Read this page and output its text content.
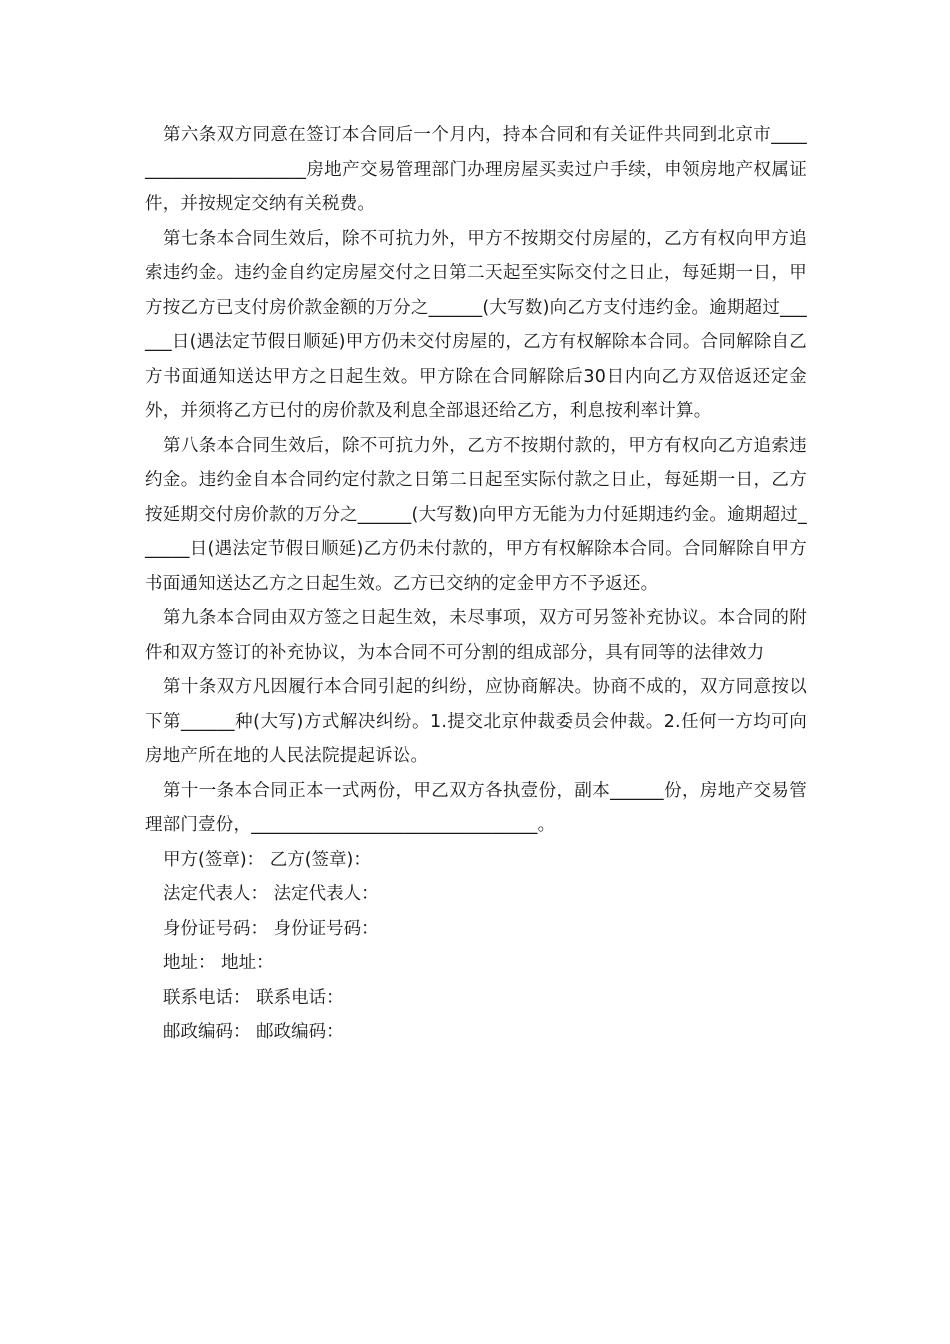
第六条双方同意在签订本合同后一个月内，持本合同和有关证件共同到北京市______________________房地产交易管理部门办理房屋买卖过户手续，申领房地产权属证件，并按规定交纳有关税费。

第七条本合同生效后，除不可抗力外，甲方不按期交付房屋的，乙方有权向甲方追索违约金。违约金自约定房屋交付之日第二天起至实际交付之日止，每延期一日，甲方按乙方已支付房价款金额的万分之______(大写数)向乙方支付违约金。逾期超过______日(遇法定节假日顺延)甲方仍未交付房屋的，乙方有权解除本合同。合同解除自乙方书面通知送达甲方之日起生效。甲方除在合同解除后30日内向乙方双倍返还定金外，并须将乙方已付的房价款及利息全部退还给乙方，利息按利率计算。

第八条本合同生效后，除不可抗力外，乙方不按期付款的，甲方有权向乙方追索违约金。违约金自本合同约定付款之日第二日起至实际付款之日止，每延期一日，乙方按延期交付房价款的万分之______(大写数)向甲方无能为力付延期违约金。逾期超过______日(遇法定节假日顺延)乙方仍未付款的，甲方有权解除本合同。合同解除自甲方书面通知送达乙方之日起生效。乙方已交纳的定金甲方不予返还。

第九条本合同由双方签之日起生效，未尽事项，双方可另签补充协议。本合同的附件和双方签订的补充协议，为本合同不可分割的组成部分，具有同等的法律效力

第十条双方凡因履行本合同引起的纠纷，应协商解决。协商不成的，双方同意按以下第______种(大写)方式解决纠纷。1.提交北京仲裁委员会仲裁。2.任何一方均可向房地产所在地的人民法院提起诉讼。

第十一条本合同正本一式两份，甲乙双方各执壹份，副本______份，房地产交易管理部门壹份，________________________________。

甲方(签章)： 乙方(签章)：

法定代表人： 法定代表人：

身份证号码： 身份证号码：

地址： 地址：

联系电话： 联系电话：

邮政编码： 邮政编码：
